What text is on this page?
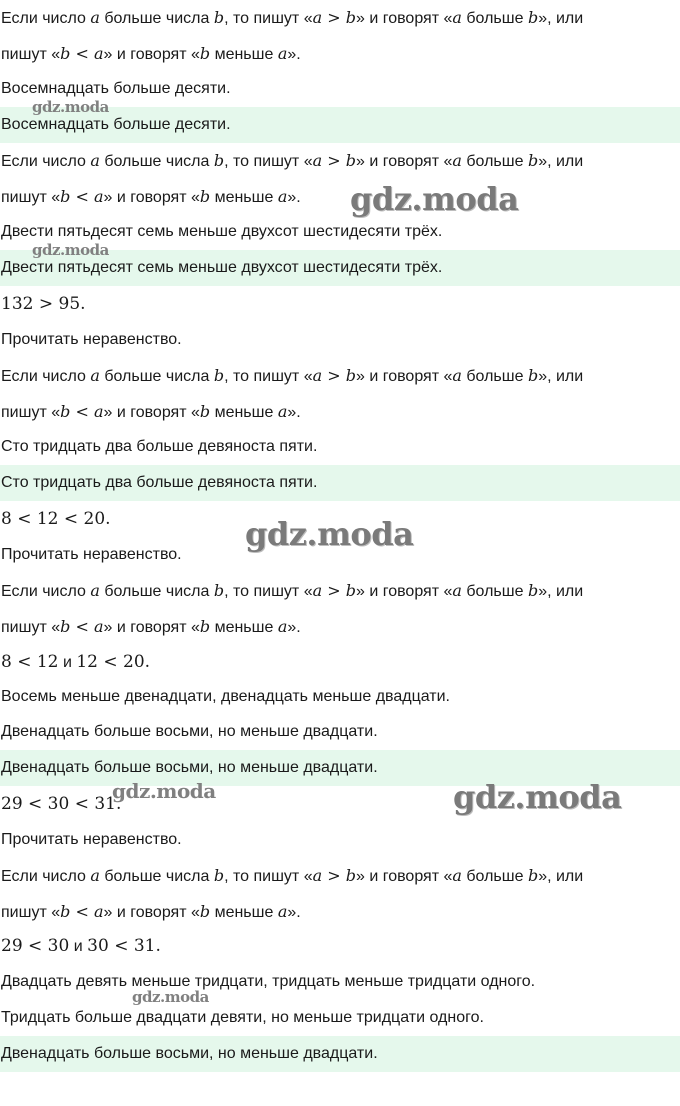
Если число a больше числа b, то пишут «a > b» и говорят «a больше b», или
пишут «b < a» и говорят «b меньше a».
Восемнадцать больше десяти.
Восемнадцать больше десяти.
Если число a больше числа b, то пишут «a > b» и говорят «a больше b», или
пишут «b < a» и говорят «b меньше a».
Двести пятьдесят семь меньше двухсот шестидесяти трёх.
Двести пятьдесят семь меньше двухсот шестидесяти трёх.
132 > 95.
Прочитать неравенство.
Если число a больше числа b, то пишут «a > b» и говорят «a больше b», или
пишут «b < a» и говорят «b меньше a».
Сто тридцать два больше девяноста пяти.
Сто тридцать два больше девяноста пяти.
8 < 12 < 20.
Прочитать неравенство.
Если число a больше числа b, то пишут «a > b» и говорят «a больше b», или
пишут «b < a» и говорят «b меньше a».
8 < 12 и 12 < 20.
Восемь меньше двенадцати, двенадцать меньше двадцати.
Двенадцать больше восьми, но меньше двадцати.
Двенадцать больше восьми, но меньше двадцати.
29 < 30 < 31.
Прочитать неравенство.
Если число a больше числа b, то пишут «a > b» и говорят «a больше b», или
пишут «b < a» и говорят «b меньше a».
29 < 30 и 30 < 31.
Двадцать девять меньше тридцати, тридцать меньше тридцати одного.
Тридцать больше двадцати девяти, но меньше тридцати одного.
Двенадцать больше восьми, но меньше двадцати.
gdz.moda
gdz.moda
gdz.moda
gdz.moda
gdz.moda	gdz.moda
gdz.moda
